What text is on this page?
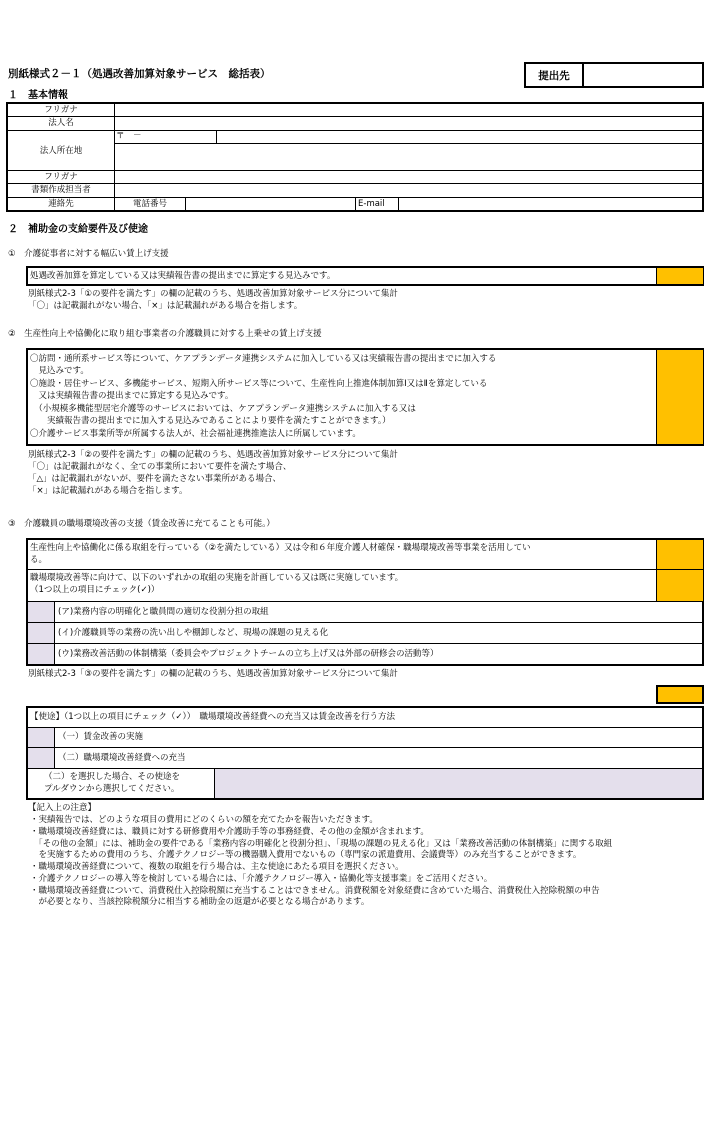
別紙様式２－１（処遇改善加算対象サービス　総括表）	提出先
１　基本情報
フリガナ
法人名
法人所在地
〒　－
フリガナ
書類作成担当者
連絡先	電話番号	E-mail
２　補助金の支給要件及び使途
①　介護従事者に対する幅広い賃上げ支援
処遇改善加算を算定している又は実績報告書の提出までに算定する見込みです。
別紙様式2-3「①の要件を満たす」の欄の記載のうち、処遇改善加算対象サービス分について集計
「〇」は記載漏れがない場合、「×」は記載漏れがある場合を指します。
②　生産性向上や協働化に取り組む事業者の介護職員に対する上乗せの賃上げ支援
〇訪問・通所系サービス等について、ケアプランデータ連携システムに加入している又は実績報告書の提出までに加入する
　見込みです。
〇施設・居住サービス、多機能サービス、短期入所サービス等について、生産性向上推進体制加算Ⅰ又はⅡを算定している
　又は実績報告書の提出までに算定する見込みです。
　（小規模多機能型居宅介護等のサービスにおいては、ケアプランデータ連携システムに加入する又は
　　実績報告書の提出までに加入する見込みであることにより要件を満たすことができます。）
〇介護サービス事業所等が所属する法人が、社会福祉連携推進法人に所属しています。
別紙様式2-3「②の要件を満たす」の欄の記載のうち、処遇改善加算対象サービス分について集計
「〇」は記載漏れがなく、全ての事業所において要件を満たす場合、
「△」は記載漏れがないが、要件を満たさない事業所がある場合、
「×」は記載漏れがある場合を指します。
③　介護職員の職場環境改善の支援（賃金改善に充てることも可能。）
生産性向上や協働化に係る取組を行っている（②を満たしている）又は令和６年度介護人材確保・職場環境改善等事業を活用してい
る。
職場環境改善等に向けて、以下のいずれかの取組の実施を計画している又は既に実施しています。
（1つ以上の項目にチェック(✓)）
(ア)業務内容の明確化と職員間の適切な役割分担の取組
(イ)介護職員等の業務の洗い出しや棚卸しなど、現場の課題の見える化
(ウ)業務改善活動の体制構築（委員会やプロジェクトチームの立ち上げ又は外部の研修会の活動等）
別紙様式2-3「③の要件を満たす」の欄の記載のうち、処遇改善加算対象サービス分について集計
【使途】（1つ以上の項目にチェック（✓））　職場環境改善経費への充当又は賃金改善を行う方法
（一）賃金改善の実施
（二）職場環境改善経費への充当
（二）を選択した場合、その使途を
プルダウンから選択してください。
【記入上の注意】
・実績報告では、どのような項目の費用にどのくらいの額を充てたかを報告いただきます。
・職場環境改善経費には、職員に対する研修費用や介護助手等の事務経費、その他の金額が含まれます。
　「その他の金額」には、補助金の要件である「業務内容の明確化と役割分担」、「現場の課題の見える化」又は「業務改善活動の体制構築」に関する取組
　を実施するための費用のうち、介護テクノロジー等の機器購入費用でないもの（専門家の派遣費用、会議費等）のみ充当することができます。
・職場環境改善経費について、複数の取組を行う場合は、主な使途にあたる項目を選択ください。
・介護テクノロジーの導入等を検討している場合には、「介護テクノロジー導入・協働化等支援事業」をご活用ください。
・職場環境改善経費について、消費税仕入控除税額に充当することはできません。消費税額を対象経費に含めていた場合、消費税仕入控除税額の申告
　が必要となり、当該控除税額分に相当する補助金の返還が必要となる場合があります。
